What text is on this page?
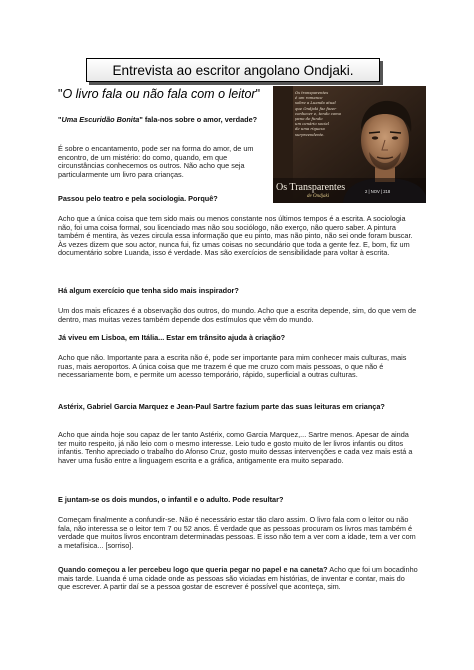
Entrevista ao escritor angolano Ondjaki.
"O livro fala ou não fala com o leitor"	Os transparentes
é um romance
sobre a Luanda atual
que Ondjaki faz fazer
conhecer e, tendo como
pano de fundo
um cenário social
de uma riqueza
surpreendente.
Os Transparentes
de Ondjaki
2 | NOV | 218
"Uma Escuridão Bonita" fala-nos sobre o amor, verdade?
É sobre o encantamento, pode ser na forma do amor, de um encontro, de um mistério: do como, quando, em que circunstâncias conhecemos os outros. Não acho que seja particularmente um livro para crianças.
Passou pelo teatro e pela sociologia. Porquê?
Acho que a única coisa que tem sido mais ou menos constante nos últimos tempos é a escrita. A sociologia não, foi uma coisa formal, sou licenciado mas não sou sociólogo, não exerço, não quero saber. A pintura também é mentira, às vezes circula essa informação que eu pinto, mas não pinto, não sei onde foram buscar. Às vezes dizem que sou actor, nunca fui, fiz umas coisas no secundário que toda a gente fez. E, bom, fiz um documentário sobre Luanda, isso é verdade. Mas são exercícios de sensibilidade para voltar à escrita.
Há algum exercício que tenha sido mais inspirador?
Um dos mais eficazes é a observação dos outros, do mundo. Acho que a escrita depende, sim, do que vem de dentro, mas muitas vezes também depende dos estímulos que vêm do mundo.
Já viveu em Lisboa, em Itália... Estar em trânsito ajuda à criação?
Acho que não. Importante para a escrita não é, pode ser importante para mim conhecer mais culturas, mais ruas, mais aeroportos. A única coisa que me trazem é que me cruzo com mais pessoas, o que não é necessariamente bom, e permite um acesso temporário, rápido, superficial a outras culturas.
Astérix, Gabriel Garcia Marquez e Jean-Paul Sartre fazium parte das suas leituras em criança?
Acho que ainda hoje sou capaz de ler tanto Astérix, como Garcia Marquez,... Sartre menos. Apesar de ainda ter muito respeito, já não leio com o mesmo interesse. Leio tudo e gosto muito de ler livros infantis ou ditos infantis. Tenho apreciado o trabalho do Afonso Cruz, gosto muito dessas intervenções e cada vez mais está a haver uma fusão entre a linguagem escrita e a gráfica, antigamente era muito separado.
E juntam-se os dois mundos, o infantil e o adulto. Pode resultar?
Começam finalmente a confundir-se. Não é necessário estar tão claro assim. O livro fala com o leitor ou não fala, não interessa se o leitor tem 7 ou 52 anos. É verdade que as pessoas procuram os livros mas também é verdade que muitos livros encontram determinadas pessoas. E isso não tem a ver com a idade, tem a ver com a metafísica... [sorriso].
Quando começou a ler percebeu logo que queria pegar no papel e na caneta? Acho que foi um bocadinho mais tarde. Luanda é uma cidade onde as pessoas são viciadas em histórias, de inventar e contar, mais do que escrever. A partir daí se a pessoa gostar de escrever é possível que aconteça, sim.
